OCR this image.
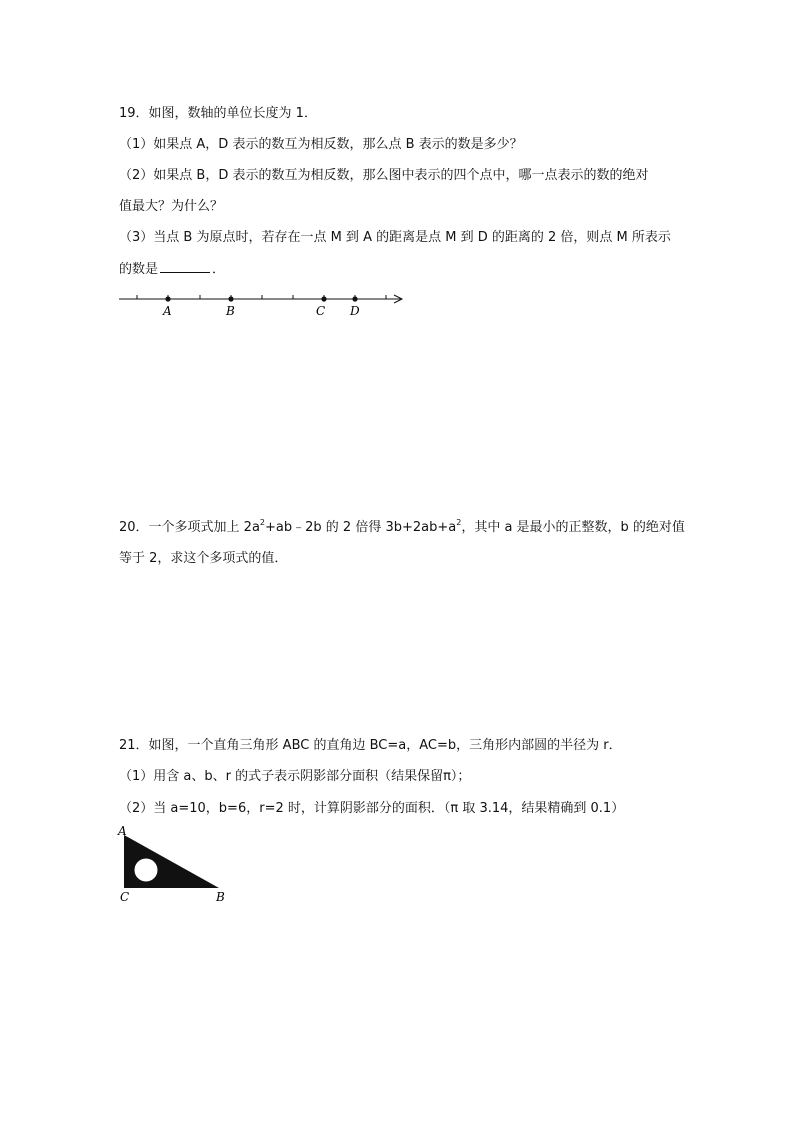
19．如图，数轴的单位长度为 1．
（1）如果点 A，D 表示的数互为相反数，那么点 B 表示的数是多少？
（2）如果点 B，D 表示的数互为相反数，那么图中表示的四个点中，哪一点表示的数的绝对
值最大？为什么？
（3）当点 B 为原点时，若存在一点 M 到 A 的距离是点 M 到 D 的距离的 2 倍，则点 M 所表示
的数是	．
A	B	C D
20．一个多项式加上 $2a^2+ab﹣2b$ 的 2 倍得 $3b+2ab+a^2$，其中 a 是最小的正整数，b 的绝对值
等于 2，求这个多项式的值．
21．如图，一个直角三角形 ABC 的直角边 BC=a，AC=b，三角形内部圆的半径为 r．
（1）用含 a、b、r 的式子表示阴影部分面积（结果保留π）；
（2）当 a=10，b=6，r=2 时，计算阴影部分的面积．（π 取 3.14，结果精确到 0.1）
A
C	B
